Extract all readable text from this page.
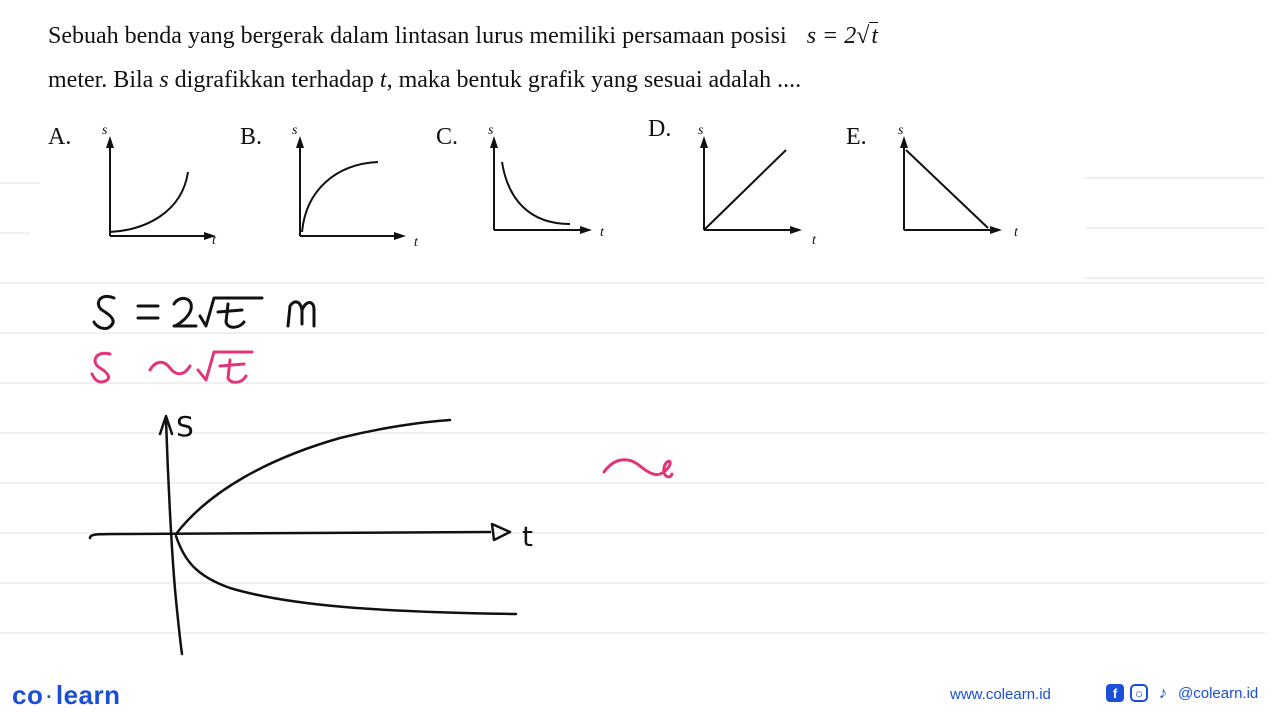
Sebuah benda yang bergerak dalam lintasan lurus memiliki persamaan posisi s = 2√t
meter. Bila s digrafikkan terhadap t, maka bentuk grafik yang sesuai adalah ....
A.	B.	C.	D.	E.
s
t
s
t
s
t
s
t
s
t
S
t
co · learn	www.colearn.id	f	○ ♪ @colearn.id
